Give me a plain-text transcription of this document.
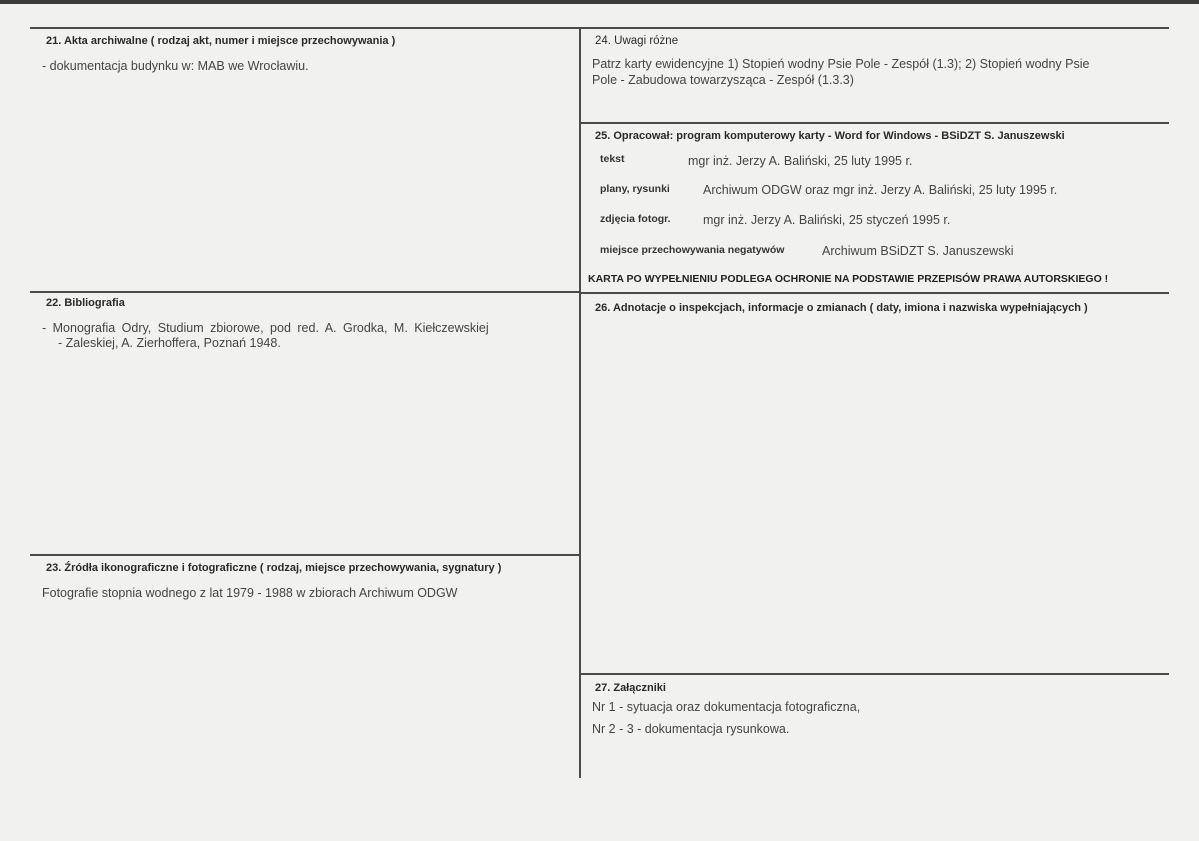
21. Akta archiwalne ( rodzaj akt, numer i miejsce przechowywania )
- dokumentacja budynku w: MAB we Wrocławiu.
22. Bibliografia
- Monografia Odry, Studium zbiorowe, pod red. A. Grodka, M. Kiełczewskiej
- Zaleskiej, A. Zierhoffera, Poznań 1948.
23. Źródła ikonograficzne i fotograficzne ( rodzaj, miejsce przechowywania, sygnatury )
Fotografie stopnia wodnego z lat 1979 - 1988 w zbiorach Archiwum ODGW
24. Uwagi różne
Patrz karty ewidencyjne 1) Stopień wodny Psie Pole - Zespół (1.3); 2) Stopień wodny Psie
Pole - Zabudowa towarzysząca - Zespół (1.3.3)
25. Opracował: program komputerowy karty - Word for Windows - BSiDZT S. Januszewski
tekst	mgr inż. Jerzy A. Baliński, 25 luty 1995 r.
plany, rysunki	Archiwum ODGW oraz mgr inż. Jerzy A. Baliński, 25 luty 1995 r.
zdjęcia fotogr.	mgr inż. Jerzy A. Baliński, 25 styczeń 1995 r.
miejsce przechowywania negatywów	Archiwum BSiDZT S. Januszewski
KARTA PO WYPEŁNIENIU PODLEGA OCHRONIE NA PODSTAWIE PRZEPISÓW PRAWA AUTORSKIEGO !
26. Adnotacje o inspekcjach, informacje o zmianach ( daty, imiona i nazwiska wypełniających )
27. Załączniki
Nr 1 - sytuacja oraz dokumentacja fotograficzna,
Nr 2 - 3 - dokumentacja rysunkowa.
